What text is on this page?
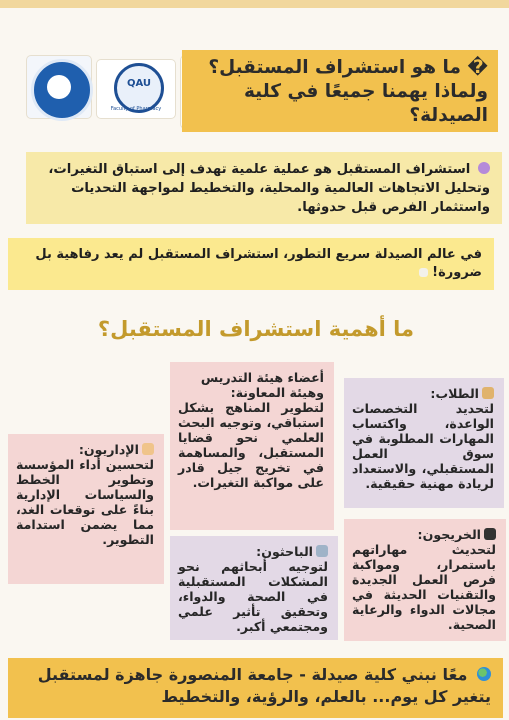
QAU
Faculty of Pharmacy
� ما هو استشراف المستقبل؟ ولماذا يهمنا جميعًا في كلية الصيدلة؟
استشراف المستقبل هو عملية علمية تهدف إلى استباق التغيرات، وتحليل الاتجاهات العالمية والمحلية، والتخطيط لمواجهة التحديات واستثمار الفرص قبل حدوثها.
في عالم الصيدلة سريع التطور، استشراف المستقبل لم يعد رفاهية بل ضرورة!
ما أهمية استشراف المستقبل؟
أعضاء هيئة التدريس وهيئة المعاونة:
لتطوير المناهج بشكل استباقي، وتوجيه البحث العلمي نحو قضايا المستقبل، والمساهمة في تخريج جيل قادر على مواكبة التغيرات.
الطلاب:
لتحديد التخصصات الواعدة، واكتساب المهارات المطلوبة في سوق العمل المستقبلي، والاستعداد لريادة مهنية حقيقية.
الإداريون:
لتحسين أداء المؤسسة وتطوير الخطط والسياسات الإدارية بناءً على توقعات الغد، مما يضمن استدامة التطوير.
الباحثون:
لتوجيه أبحاثهم نحو المشكلات المستقبلية في الصحة والدواء، وتحقيق تأثير علمي ومجتمعي أكبر.
الخريجون:
لتحديث مهاراتهم باستمرار، ومواكبة فرص العمل الجديدة والتقنيات الحديثة في مجالات الدواء والرعاية الصحية.
معًا نبني كلية صيدلة - جامعة المنصورة جاهزة لمستقبل يتغير كل يوم... بالعلم، والرؤية، والتخطيط
